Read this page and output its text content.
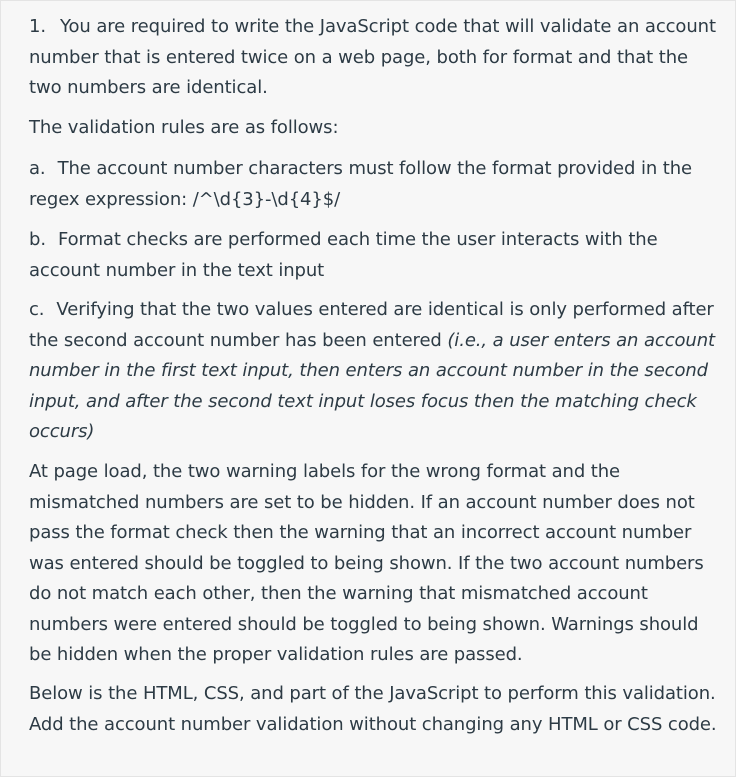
1. You are required to write the JavaScript code that will validate an account number that is entered twice on a web page, both for format and that the two numbers are identical.

The validation rules are as follows:

a. The account number characters must follow the format provided in the regex expression: /^\d{3}-\d{4}$/

b. Format checks are performed each time the user interacts with the account number in the text input

c. Verifying that the two values entered are identical is only performed after the second account number has been entered (i.e., a user enters an account number in the first text input, then enters an account number in the second input, and after the second text input loses focus then the matching check occurs)

At page load, the two warning labels for the wrong format and the mismatched numbers are set to be hidden. If an account number does not pass the format check then the warning that an incorrect account number was entered should be toggled to being shown. If the two account numbers do not match each other, then the warning that mismatched account numbers were entered should be toggled to being shown. Warnings should be hidden when the proper validation rules are passed.

Below is the HTML, CSS, and part of the JavaScript to perform this validation. Add the account number validation without changing any HTML or CSS code.
